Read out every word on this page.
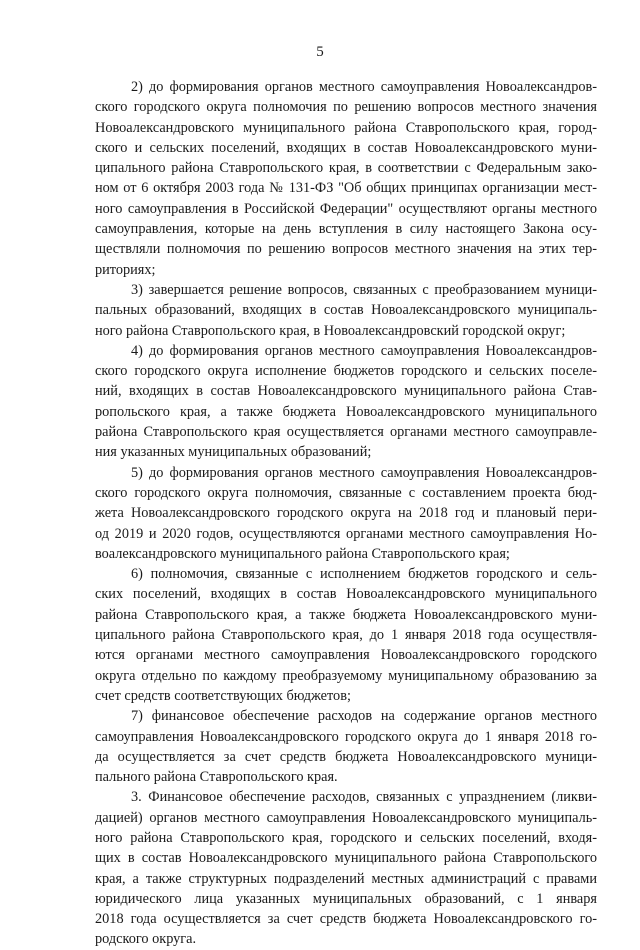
5
2) до формирования органов местного самоуправления Новоалександров-
ского городского округа полномочия по решению вопросов местного значения
Новоалександровского муниципального района Ставропольского края, город-
ского и сельских поселений, входящих в состав Новоалександровского муни-
ципального района Ставропольского края, в соответствии с Федеральным зако-
ном от 6 октября 2003 года № 131-ФЗ "Об общих принципах организации мест-
ного самоуправления в Российской Федерации" осуществляют органы местного
самоуправления, которые на день вступления в силу настоящего Закона осу-
ществляли полномочия по решению вопросов местного значения на этих тер-
риториях;
3) завершается решение вопросов, связанных с преобразованием муници-
пальных образований, входящих в состав Новоалександровского муниципаль-
ного района Ставропольского края, в Новоалександровский городской округ;
4) до формирования органов местного самоуправления Новоалександров-
ского городского округа исполнение бюджетов городского и сельских поселе-
ний, входящих в состав Новоалександровского муниципального района Став-
ропольского края, а также бюджета Новоалександровского муниципального
района Ставропольского края осуществляется органами местного самоуправле-
ния указанных муниципальных образований;
5) до формирования органов местного самоуправления Новоалександров-
ского городского округа полномочия, связанные с составлением проекта бюд-
жета Новоалександровского городского округа на 2018 год и плановый пери-
од 2019 и 2020 годов, осуществляются органами местного самоуправления Но-
воалександровского муниципального района Ставропольского края;
6) полномочия, связанные с исполнением бюджетов городского и сель-
ских поселений, входящих в состав Новоалександровского муниципального
района Ставропольского края, а также бюджета Новоалександровского муни-
ципального района Ставропольского края, до 1 января 2018 года осуществля-
ются органами местного самоуправления Новоалександровского городского
округа отдельно по каждому преобразуемому муниципальному образованию за
счет средств соответствующих бюджетов;
7) финансовое обеспечение расходов на содержание органов местного
самоуправления Новоалександровского городского округа до 1 января 2018 го-
да осуществляется за счет средств бюджета Новоалександровского муници-
пального района Ставропольского края.
3. Финансовое обеспечение расходов, связанных с упразднением (ликви-
дацией) органов местного самоуправления Новоалександровского муниципаль-
ного района Ставропольского края, городского и сельских поселений, входя-
щих в состав Новоалександровского муниципального района Ставропольского
края, а также структурных подразделений местных администраций с правами
юридического лица указанных муниципальных образований, с 1 января
2018 года осуществляется за счет средств бюджета Новоалександровского го-
родского округа.
